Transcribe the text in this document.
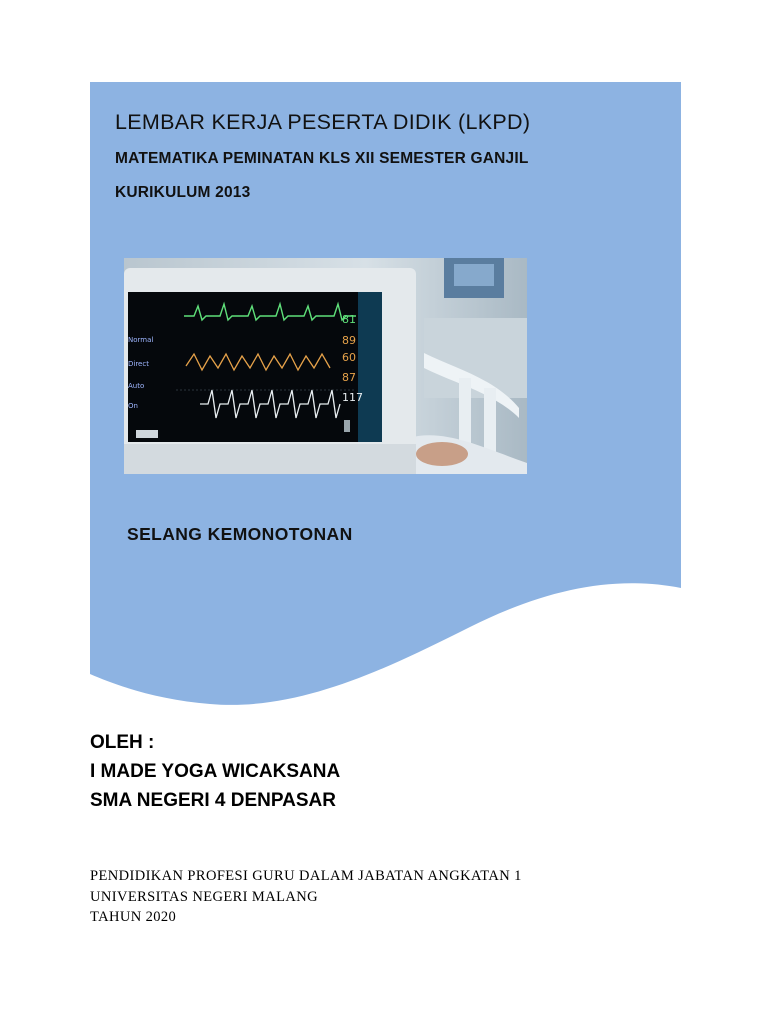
LEMBAR KERJA PESERTA DIDIK (LKPD)
MATEMATIKA PEMINATAN KLS XII SEMESTER GANJIL
KURIKULUM 2013
Normal
Direct
Auto
On
81
89
60
87
117
SELANG KEMONOTONAN
OLEH :
I MADE YOGA WICAKSANA
SMA NEGERI 4 DENPASAR
PENDIDIKAN PROFESI GURU DALAM JABATAN ANGKATAN 1
UNIVERSITAS NEGERI MALANG
TAHUN 2020
